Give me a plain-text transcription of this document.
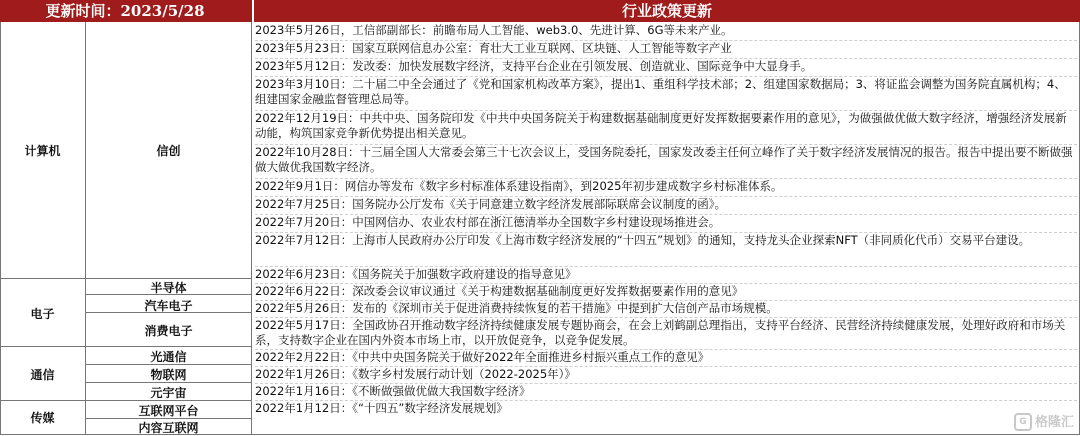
更新时间：2023/5/28	行业政策更新
计算机
电子
通信
传媒
信创
半导体
汽车电子
消费电子
光通信
物联网
元宇宙
互联网平台
内容互联网
2023年5月26日，工信部副部长：前瞻布局人工智能、web3.0、先进计算、6G等未来产业。
2023年5月23日：国家互联网信息办公室：育壮大工业互联网、区块链、人工智能等数字产业
2023年5月12日：发改委：加快发展数字经济，支持平台企业在引领发展、创造就业、国际竞争中大显身手。
2023年3月10日：二十届二中全会通过了《党和国家机构改革方案》，提出1、重组科学技术部；2、组建国家数据局；3、将证监会调整为国务院直属机构；4、组建国家金融监督管理总局等。
2022年12月19日：中共中央、国务院印发《中共中央国务院关于构建数据基础制度更好发挥数据要素作用的意见》，为做强做优做大数字经济，增强经济发展新动能，构筑国家竞争新优势提出相关意见。
2022年10月28日：十三届全国人大常委会第三十七次会议上，受国务院委托，国家发改委主任何立峰作了关于数字经济发展情况的报告。报告中提出要不断做强做大做优我国数字经济。
2022年9月1日：网信办等发布《数字乡村标准体系建设指南》，到2025年初步建成数字乡村标准体系。
2022年7月25日：国务院办公厅发布《关于同意建立数字经济发展部际联席会议制度的函》。
2022年7月20日：中国网信办、农业农村部在浙江德清举办全国数字乡村建设现场推进会。
2022年7月12日：上海市人民政府办公厅印发《上海市数字经济发展的“十四五”规划》的通知，支持龙头企业探索NFT（非同质化代币）交易平台建设。
2022年6月23日：《国务院关于加强数字政府建设的指导意见》
2022年6月22日：深改委会议审议通过《关于构建数据基础制度更好发挥数据要素作用的意见》
2022年5月26日：发布的《深圳市关于促进消费持续恢复的若干措施》中提到扩大信创产品市场规模。
2022年5月17日：全国政协召开推动数字经济持续健康发展专题协商会，在会上刘鹤副总理指出，支持平台经济、民营经济持续健康发展，处理好政府和市场关系，支持数字企业在国内外资本市场上市，以开放促竞争，以竞争促发展。
2022年2月22日：《中共中央国务院关于做好2022年全面推进乡村振兴重点工作的意见》
2022年1月26日：《数字乡村发展行动计划（2022-2025年）》
2022年1月16日：《不断做强做优做大我国数字经济》
2022年1月12日：《“十四五”数字经济发展规划》
G 格隆汇
